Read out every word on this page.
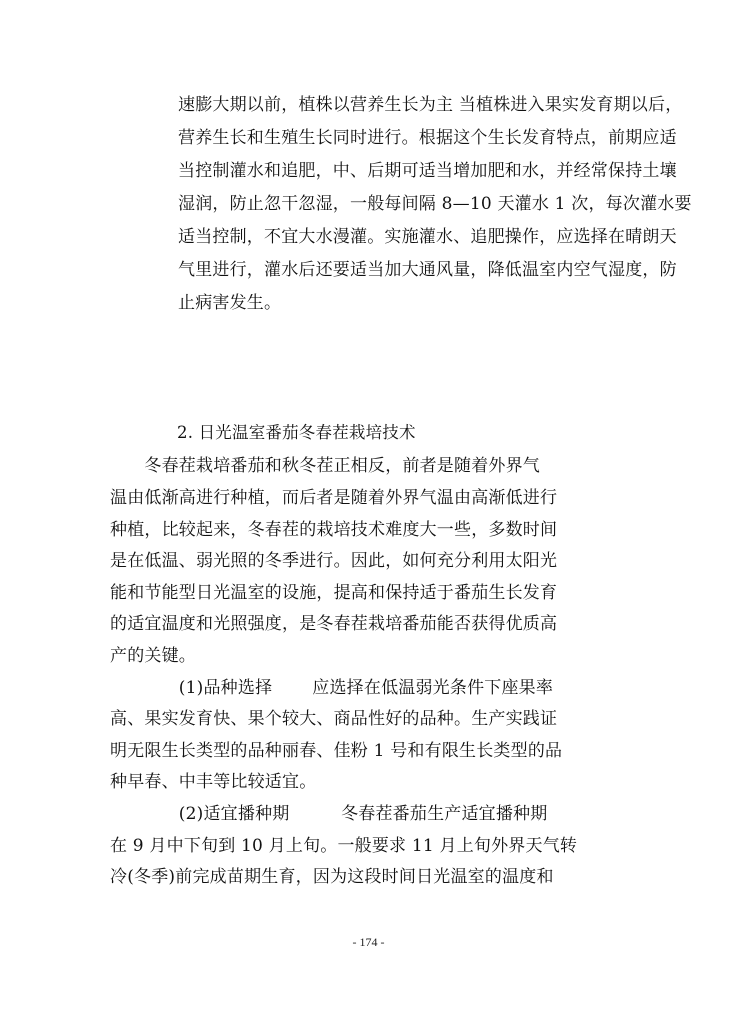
速膨大期以前，植株以营养生长为主 当植株进入果实发育期以后，
营养生长和生殖生长同时进行。根据这个生长发育特点，前期应适
当控制灌水和追肥，中、后期可适当增加肥和水，并经常保持土壤
湿润，防止忽干忽湿，一般每间隔 8—10 天灌水 1 次，每次灌水要
适当控制，不宜大水漫灌。实施灌水、追肥操作，应选择在晴朗天
气里进行，灌水后还要适当加大通风量，降低温室内空气湿度，防
止病害发生。
2. 日光温室番茄冬春茬栽培技术
　　冬春茬栽培番茄和秋冬茬正相反，前者是随着外界气
温由低渐高进行种植，而后者是随着外界气温由高渐低进行
种植，比较起来，冬春茬的栽培技术难度大一些，多数时间
是在低温、弱光照的冬季进行。因此，如何充分利用太阳光
能和节能型日光温室的设施，提高和保持适于番茄生长发育
的适宜温度和光照强度，是冬春茬栽培番茄能否获得优质高
产的关键。
　　　　(1)品种选择　　 应选择在低温弱光条件下座果率
高、果实发育快、果个较大、商品性好的品种。生产实践证
明无限生长类型的品种丽春、佳粉 1 号和有限生长类型的品
种早春、中丰等比较适宜。
　　　　(2)适宜播种期　　　冬春茬番茄生产适宜播种期
在 9 月中下旬到 10 月上旬。一般要求 11 月上旬外界天气转
冷(冬季)前完成苗期生育，因为这段时间日光温室的温度和
- 174 -
